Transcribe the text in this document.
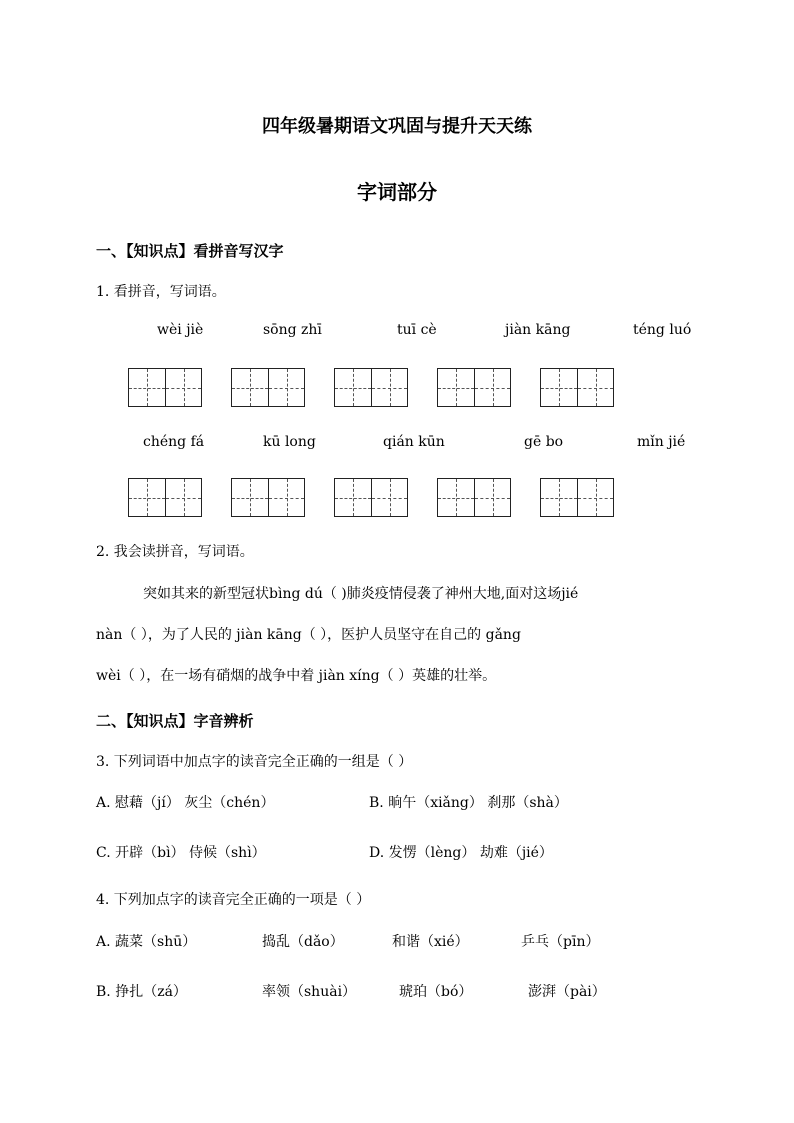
四年级暑期语文巩固与提升天天练
字词部分
一、【知识点】看拼音写汉字
1. 看拼音，写词语。
wèi jiè	sōng zhī	tuī cè	jiàn kāng	téng luó
chéng fá	kū long	qián kūn	gē bo	mǐn jié
2. 我会读拼音，写词语。
突如其来的新型冠状bìng dú（ )肺炎疫情侵袭了神州大地,面对这场jié
nàn（ ），为了人民的 jiàn kāng（ ），医护人员坚守在自己的 gǎng
wèi（ ），在一场有硝烟的战争中着 jiàn xíng（ ）英雄的壮举。
二、【知识点】字音辨析
3. 下列词语中加点字的读音完全正确的一组是（ ）
A. 慰藉（jí） 灰尘（chén）	B. 晌午（xiǎng） 刹那（shà）
C. 开辟（bì） 侍候（shì）	D. 发愣（lèng） 劫难（jié）
4. 下列加点字的读音完全正确的一项是（ ）
A. 蔬菜（shū）	捣乱（dǎo）	和谐（xié）	乒乓（pīn）
B. 挣扎（zá）	率领（shuài）	琥珀（bó）	澎湃（pài）
